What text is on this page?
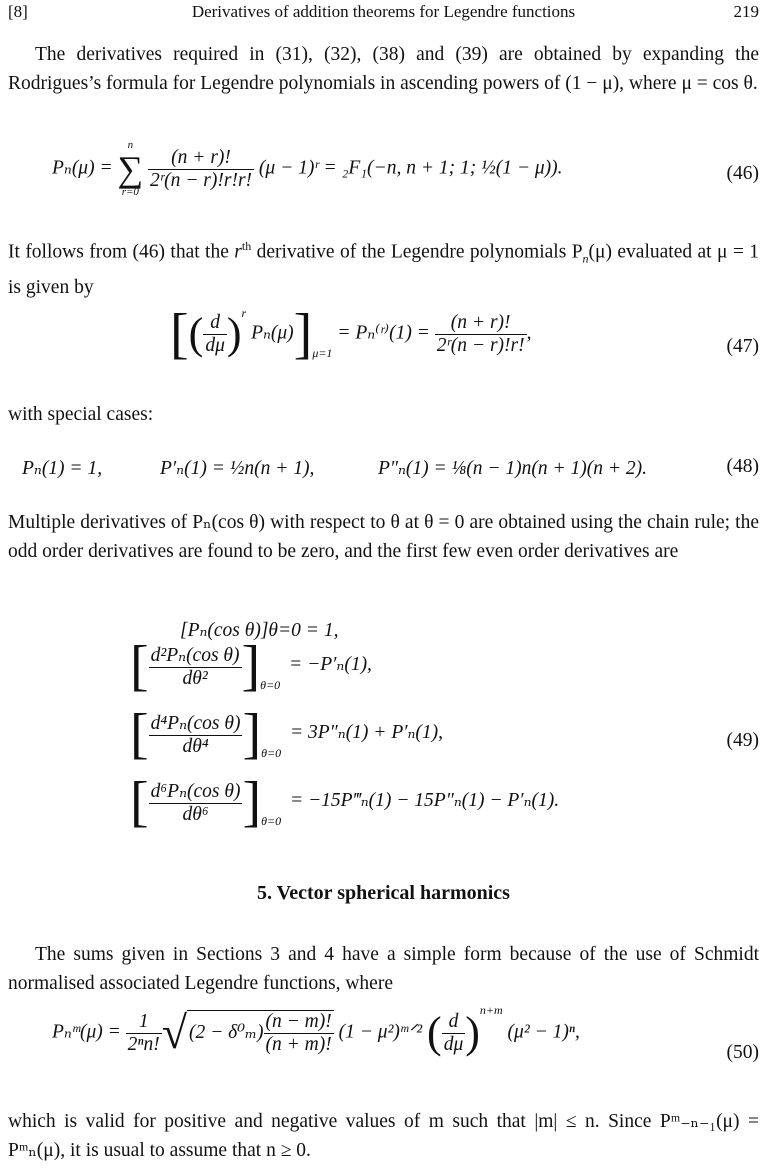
[8]	Derivatives of addition theorems for Legendre functions	219
The derivatives required in (31), (32), (38) and (39) are obtained by expanding the Rodrigues’s formula for Legendre polynomials in ascending powers of (1 − μ), where μ = cos θ.
Pₙ(μ) =
n
∑
r=0

$\frac{(n + r)!}{\text{2ʳ(n − r)!r!r!}} (\mu$ − 1)ʳ = ₂F₁(−n, n + 1; 1; ½(1 − μ)).	(46)
It follows from (46) that the $r^{th}$ derivative of the Legendre polynomials $P_n(\mu)$ evaluated at μ = 1 is given by
[( $\frac{d}{d\mu} )^r$ $P_n(\mu)]_{\mu=1}$ = Pₙ⁽ʳ⁾(1) = $\frac{(n + r)!}{\text{2ʳ(n − r)!r!}}$ ,
(47)
with special cases:
Pₙ(1) = 1,	P′ₙ(1) = ½n(n + 1),	P″ₙ(1) = ⅛(n − 1)n(n + 1)(n + 2).	(48)
Multiple derivatives of Pₙ(cos θ) with respect to θ at θ = 0 are obtained using the chain rule; the odd order derivatives are found to be zero, and the first few even order derivatives are
[Pₙ(cos θ)]θ=0 = 1,
[ $\frac{\text{d²Pₙ(cos θ)}}{\text{dθ²}} ]_{\theta=0} = -P'_n(1)$,
[ $\frac{\text{d⁴Pₙ(cos θ)}}{\text{dθ⁴}} ]_{\theta=0} = 3P''_n(1) + P'_n(1)$,	(49)
[ $\frac{\text{d⁶Pₙ(cos θ)}}{\text{dθ⁶}} ]_{\theta=0}$ = −15P‴ₙ(1) − 15P″ₙ(1) − P′ₙ(1).
5. Vector spherical harmonics
The sums given in Sections 3 and 4 have a simple form because of the use of Schmidt normalised associated Legendre functions, where
Pₙᵐ(μ) = $\frac{1}{\text{2ⁿn!}}$ √ $(2 - \delta^0_m) \frac{(n - m)!}{(n + m)!} (1$ − μ²)ᵐᐟ² ( $\frac{d}{d\mu} )^{n+m}$ (μ² − 1)ⁿ,
(50)
which is valid for positive and negative values of m such that |m| ≤ n. Since Pᵐ₋ₙ₋₁(μ) = Pᵐₙ(μ), it is usual to assume that n ≥ 0.
